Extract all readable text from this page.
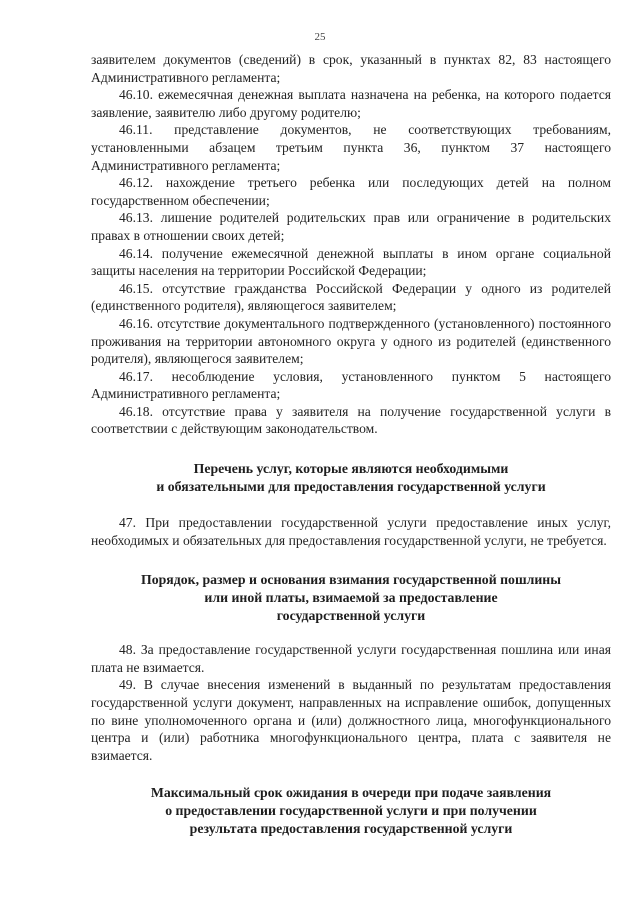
25

заявителем документов (сведений) в срок, указанный в пунктах 82, 83 настоящего Административного регламента;

46.10. ежемесячная денежная выплата назначена на ребенка, на которого подается заявление, заявителю либо другому родителю;

46.11. представление документов, не соответствующих требованиям, установленными абзацем третьим пункта 36, пунктом 37 настоящего Административного регламента;

46.12. нахождение третьего ребенка или последующих детей на полном государственном обеспечении;

46.13. лишение родителей родительских прав или ограничение в родительских правах в отношении своих детей;

46.14. получение ежемесячной денежной выплаты в ином органе социальной защиты населения на территории Российской Федерации;

46.15. отсутствие гражданства Российской Федерации у одного из родителей (единственного родителя), являющегося заявителем;

46.16. отсутствие документального подтвержденного (установленного) постоянного проживания на территории автономного округа у одного из родителей (единственного родителя), являющегося заявителем;

46.17. несоблюдение условия, установленного пунктом 5 настоящего Административного регламента;

46.18. отсутствие права у заявителя на получение государственной услуги в соответствии с действующим законодательством.

Перечень услуг, которые являются необходимыми
и обязательными для предоставления государственной услуги

47. При предоставлении государственной услуги предоставление иных услуг, необходимых и обязательных для предоставления государственной услуги, не требуется.

Порядок, размер и основания взимания государственной пошлины
или иной платы, взимаемой за предоставление
государственной услуги

48. За предоставление государственной услуги государственная пошлина или иная плата не взимается.

49. В случае внесения изменений в выданный по результатам предоставления государственной услуги документ, направленных на исправление ошибок, допущенных по вине уполномоченного органа и (или) должностного лица, многофункционального центра и (или) работника многофункционального центра, плата с заявителя не взимается.

Максимальный срок ожидания в очереди при подаче заявления
о предоставлении государственной услуги и при получении
результата предоставления государственной услуги
